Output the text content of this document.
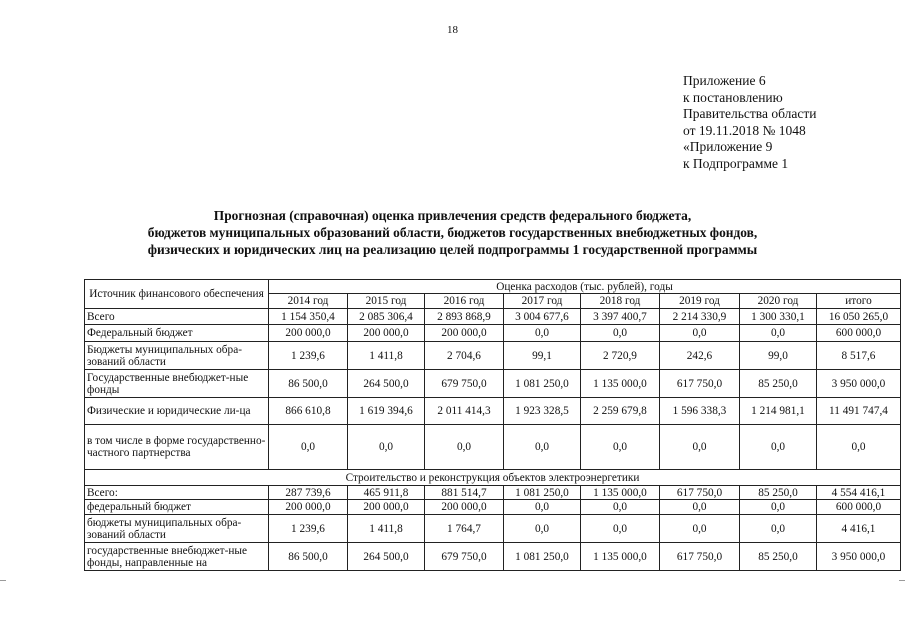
18
Приложение 6
к постановлению
Правительства области
от 19.11.2018 № 1048
«Приложение 9
к Подпрограмме 1
Прогнозная (справочная) оценка привлечения средств федерального бюджета,
бюджетов муниципальных образований области, бюджетов государственных внебюджетных фондов,
физических и юридических лиц на реализацию целей подпрограммы 1 государственной программы
Источник финансового обеспечения	Оценка расходов (тыс. рублей), годы							
	2014 год	2015 год	2016 год	2017 год	2018 год	2019 год	2020 год	итого
Всего	1 154 350,4	2 085 306,4	2 893 868,9	3 004 677,6	3 397 400,7	2 214 330,9	1 300 330,1	16 050 265,0
Федеральный бюджет	200 000,0	200 000,0	200 000,0	0,0	0,0	0,0	0,0	600 000,0
Бюджеты муниципальных обра-зований области	1 239,6	1 411,8	2 704,6	99,1	2 720,9	242,6	99,0	8 517,6
Государственные внебюджет-ные фонды	86 500,0	264 500,0	679 750,0	1 081 250,0	1 135 000,0	617 750,0	85 250,0	3 950 000,0
Физические и юридические ли-ца	866 610,8	1 619 394,6	2 011 414,3	1 923 328,5	2 259 679,8	1 596 338,3	1 214 981,1	11 491 747,4
в том числе в форме государственно-частного партнерства	0,0	0,0	0,0	0,0	0,0	0,0	0,0	0,0
Строительство и реконструкция объектов электроэнергетики								
Всего:	287 739,6	465 911,8	881 514,7	1 081 250,0	1 135 000,0	617 750,0	85 250,0	4 554 416,1
федеральный бюджет	200 000,0	200 000,0	200 000,0	0,0	0,0	0,0	0,0	600 000,0
бюджеты муниципальных обра-зований области	1 239,6	1 411,8	1 764,7	0,0	0,0	0,0	0,0	4 416,1
государственные внебюджет-ные фонды, направленные на	86 500,0	264 500,0	679 750,0	1 081 250,0	1 135 000,0	617 750,0	85 250,0	3 950 000,0
